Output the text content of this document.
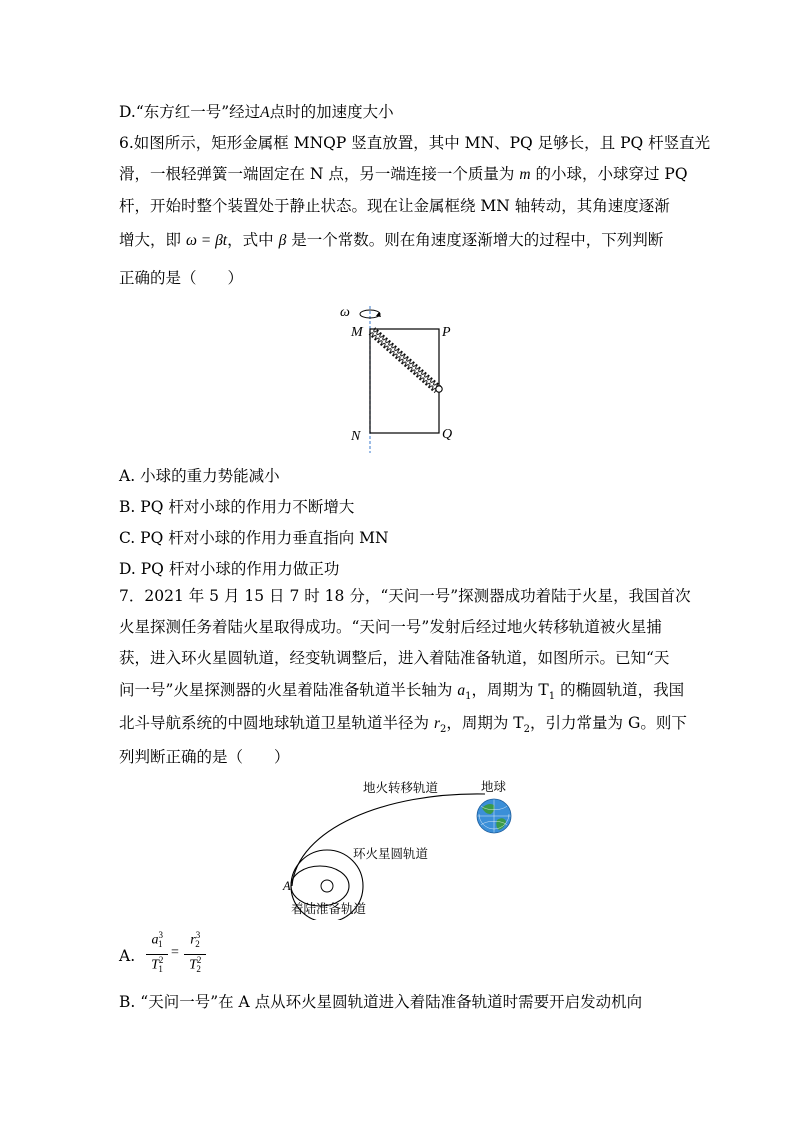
D.“东方红一号”经过A点时的加速度大小
6.如图所示，矩形金属框 MNQP 竖直放置，其中 MN、PQ 足够长，且 PQ 杆竖直光
滑，一根轻弹簧一端固定在 N 点，另一端连接一个质量为 m 的小球，小球穿过 PQ
杆，开始时整个装置处于静止状态。现在让金属框绕 MN 轴转动，其角速度逐渐
增大，即 ω = βt，式中 β 是一个常数。则在角速度逐渐增大的过程中，下列判断
正确的是（　　）
ω
M	P
N	Q
A. 小球的重力势能减小
B. PQ 杆对小球的作用力不断增大
C. PQ 杆对小球的作用力垂直指向 MN
D. PQ 杆对小球的作用力做正功
7．2021 年 5 月 15 日 7 时 18 分，“天问一号”探测器成功着陆于火星，我国首次
火星探测任务着陆火星取得成功。“天问一号”发射后经过地火转移轨道被火星捕
获，进入环火星圆轨道，经变轨调整后，进入着陆准备轨道，如图所示。已知“天
问一号”火星探测器的火星着陆准备轨道半长轴为 $a_1$，周期为 $T_1$ 的椭圆轨道，我国
北斗导航系统的中圆地球轨道卫星轨道半径为 $r_2$，周期为 $T_2$，引力常量为 G。则下
列判断正确的是（　　）
地火转移轨道	地球
环火星圆轨道
A
着陆准备轨道
A.
$a^3_1$
$T^2_1$
=
$r^3_2$
$T^2_2$
B. “天问一号”在 A 点从环火星圆轨道进入着陆准备轨道时需要开启发动机向
